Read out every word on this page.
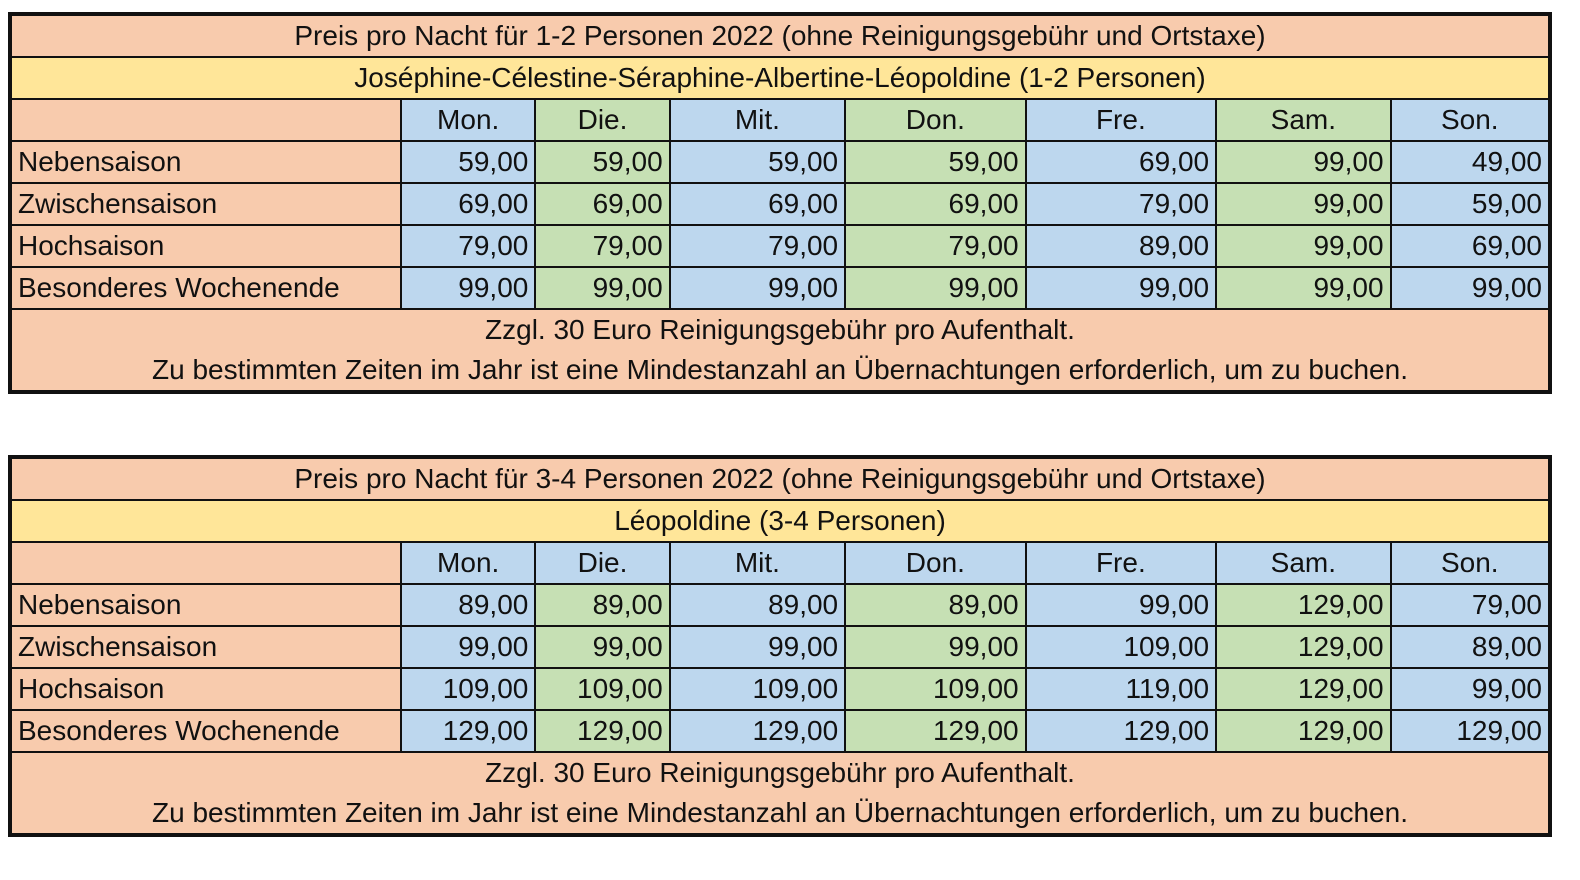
Preis pro Nacht für 1-2 Personen 2022 (ohne Reinigungsgebühr und Ortstaxe)							
Joséphine-Célestine-Séraphine-Albertine-Léopoldine (1-2 Personen)							
	Mon.	Die.	Mit.	Don.	Fre.	Sam.	Son.
Nebensaison	59,00	59,00	59,00	59,00	69,00	99,00	49,00
Zwischensaison	69,00	69,00	69,00	69,00	79,00	99,00	59,00
Hochsaison	79,00	79,00	79,00	79,00	89,00	99,00	69,00
Besonderes Wochenende	99,00	99,00	99,00	99,00	99,00	99,00	99,00

Zzgl. 30 Euro Reinigungsgebühr pro Aufenthalt.
Zu bestimmten Zeiten im Jahr ist eine Mindestanzahl an Übernachtungen erforderlich, um zu buchen.							
Preis pro Nacht für 3-4 Personen 2022 (ohne Reinigungsgebühr und Ortstaxe)							
Léopoldine (3-4 Personen)							
	Mon.	Die.	Mit.	Don.	Fre.	Sam.	Son.
Nebensaison	89,00	89,00	89,00	89,00	99,00	129,00	79,00
Zwischensaison	99,00	99,00	99,00	99,00	109,00	129,00	89,00
Hochsaison	109,00	109,00	109,00	109,00	119,00	129,00	99,00
Besonderes Wochenende	129,00	129,00	129,00	129,00	129,00	129,00	129,00

Zzgl. 30 Euro Reinigungsgebühr pro Aufenthalt.
Zu bestimmten Zeiten im Jahr ist eine Mindestanzahl an Übernachtungen erforderlich, um zu buchen.							
